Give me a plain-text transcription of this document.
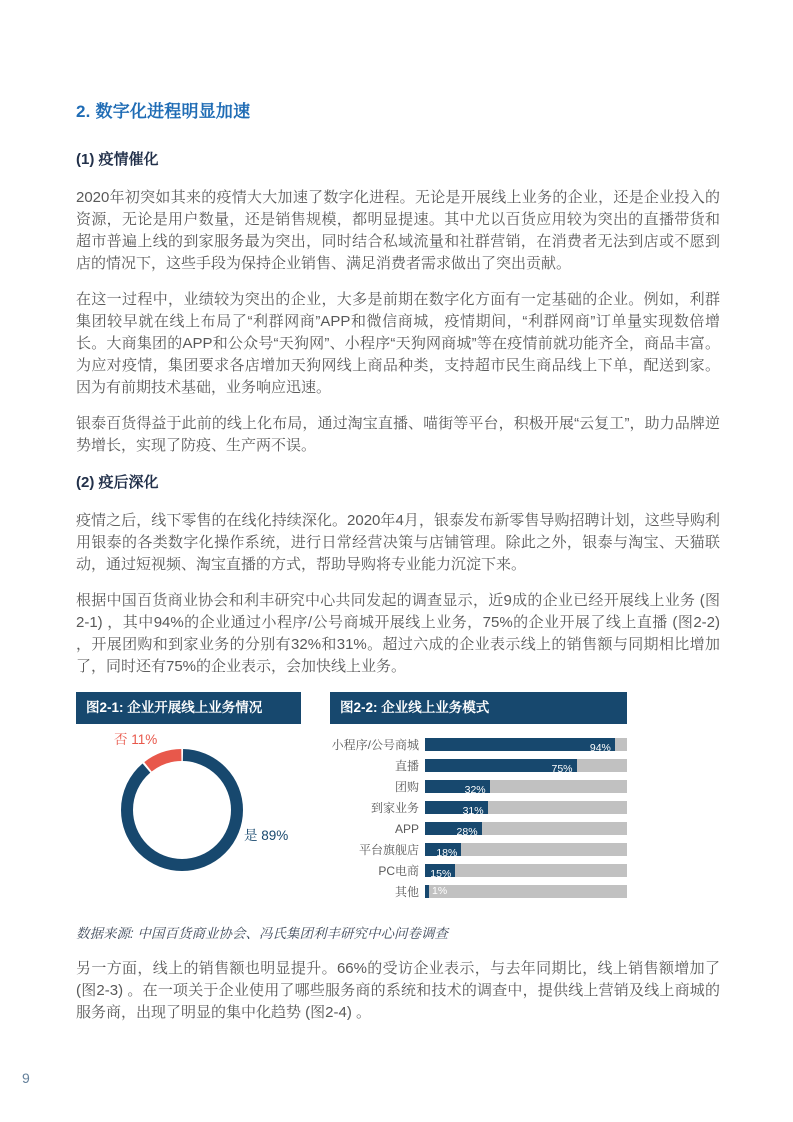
2. 数字化进程明显加速
(1) 疫情催化

2020年初突如其来的疫情大大加速了数字化进程。无论是开展线上业务的企业，还是企业投入的资源，无论是用户数量，还是销售规模，都明显提速。其中尤以百货应用较为突出的直播带货和超市普遍上线的到家服务最为突出，同时结合私域流量和社群营销，在消费者无法到店或不愿到店的情况下，这些手段为保持企业销售、满足消费者需求做出了突出贡献。

在这一过程中，业绩较为突出的企业，大多是前期在数字化方面有一定基础的企业。例如，利群集团较早就在线上布局了“利群网商”APP和微信商城，疫情期间，“利群网商”订单量实现数倍增长。大商集团的APP和公众号“天狗网”、小程序“天狗网商城”等在疫情前就功能齐全，商品丰富。为应对疫情，集团要求各店增加天狗网线上商品种类，支持超市民生商品线上下单，配送到家。因为有前期技术基础，业务响应迅速。

银泰百货得益于此前的线上化布局，通过淘宝直播、喵街等平台，积极开展“云复工”，助力品牌逆势增长，实现了防疫、生产两不误。

(2) 疫后深化

疫情之后，线下零售的在线化持续深化。2020年4月，银泰发布新零售导购招聘计划，这些导购利用银泰的各类数字化操作系统，进行日常经营决策与店铺管理。除此之外，银泰与淘宝、天猫联动，通过短视频、淘宝直播的方式，帮助导购将专业能力沉淀下来。

根据中国百货商业协会和利丰研究中心共同发起的调查显示，近9成的企业已经开展线上业务 (图2-1) ，其中94%的企业通过小程序/公号商城开展线上业务，75%的企业开展了线上直播 (图2-2) ，开展团购和到家业务的分别有32%和31%。超过六成的企业表示线上的销售额与同期相比增加了，同时还有75%的企业表示，会加快线上业务。

图2-1: 企业开展线上业务情况
否 11%
是 89%
图2-2: 企业线上业务模式
小程序/公号商城	94%
直播	75%
团购	32%
到家业务	31%
APP	28%
平台旗舰店	18%
PC电商	15%
其他	1%

数据来源: 中国百货商业协会、冯氏集团利丰研究中心问卷调查

另一方面，线上的销售额也明显提升。66%的受访企业表示，与去年同期比，线上销售额增加了 (图2-3) 。在一项关于企业使用了哪些服务商的系统和技术的调查中，提供线上营销及线上商城的服务商，出现了明显的集中化趋势 (图2-4) 。

9
